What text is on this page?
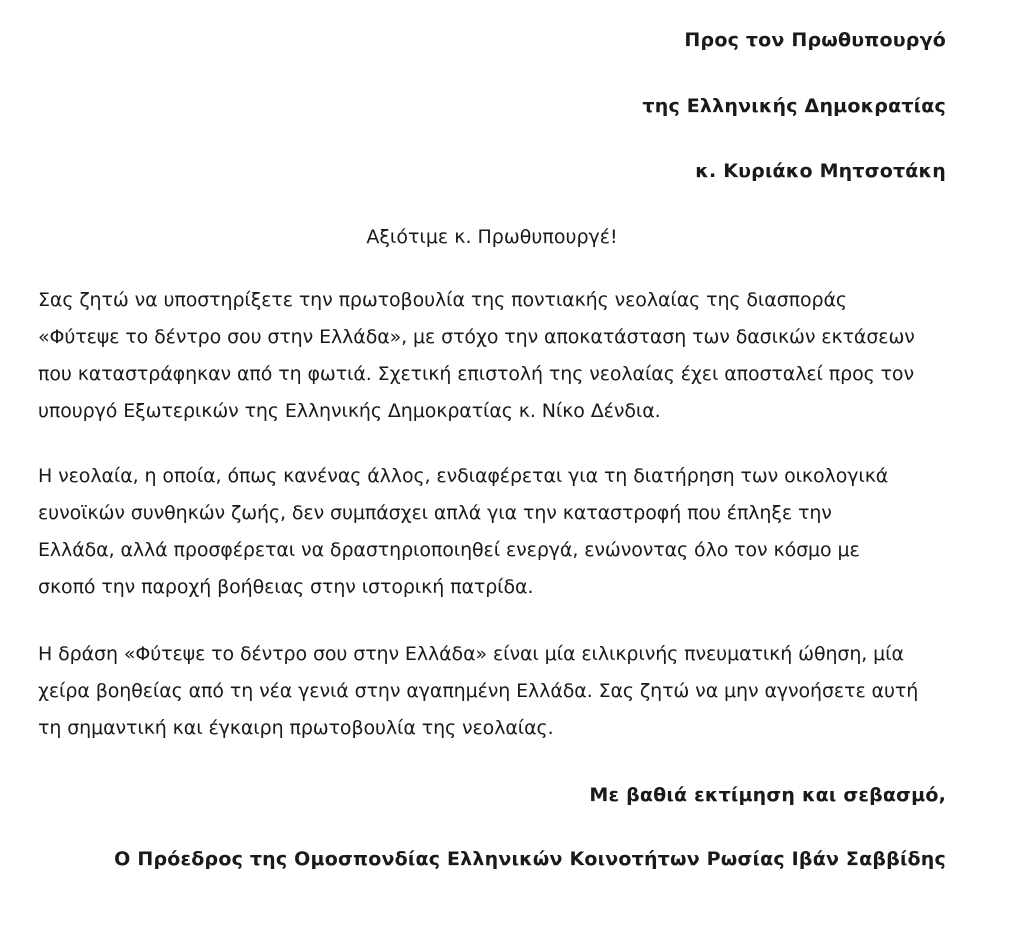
Προς τον Πρωθυπουργό
της Ελληνικής Δημοκρατίας
κ. Κυριάκο Μητσοτάκη
Αξιότιμε κ. Πρωθυπουργέ!
Σας ζητώ να υποστηρίξετε την πρωτοβουλία της ποντιακής νεολαίας της διασποράς
«Φύτεψε το δέντρο σου στην Ελλάδα», με στόχο την αποκατάσταση των δασικών εκτάσεων
που καταστράφηκαν από τη φωτιά. Σχετική επιστολή της νεολαίας έχει αποσταλεί προς τον
υπουργό Εξωτερικών της Ελληνικής Δημοκρατίας κ. Νίκο Δένδια.
Η νεολαία, η οποία, όπως κανένας άλλος, ενδιαφέρεται για τη διατήρηση των οικολογικά
ευνοϊκών συνθηκών ζωής, δεν συμπάσχει απλά για την καταστροφή που έπληξε την
Ελλάδα, αλλά προσφέρεται να δραστηριοποιηθεί ενεργά, ενώνοντας όλο τον κόσμο με
σκοπό την παροχή βοήθειας στην ιστορική πατρίδα.
Η δράση «Φύτεψε το δέντρο σου στην Ελλάδα» είναι μία ειλικρινής πνευματική ώθηση, μία
χείρα βοηθείας από τη νέα γενιά στην αγαπημένη Ελλάδα. Σας ζητώ να μην αγνοήσετε αυτή
τη σημαντική και έγκαιρη πρωτοβουλία της νεολαίας.
Με βαθιά εκτίμηση και σεβασμό,
Ο Πρόεδρος της Ομοσπονδίας Ελληνικών Κοινοτήτων Ρωσίας Ιβάν Σαββίδης
